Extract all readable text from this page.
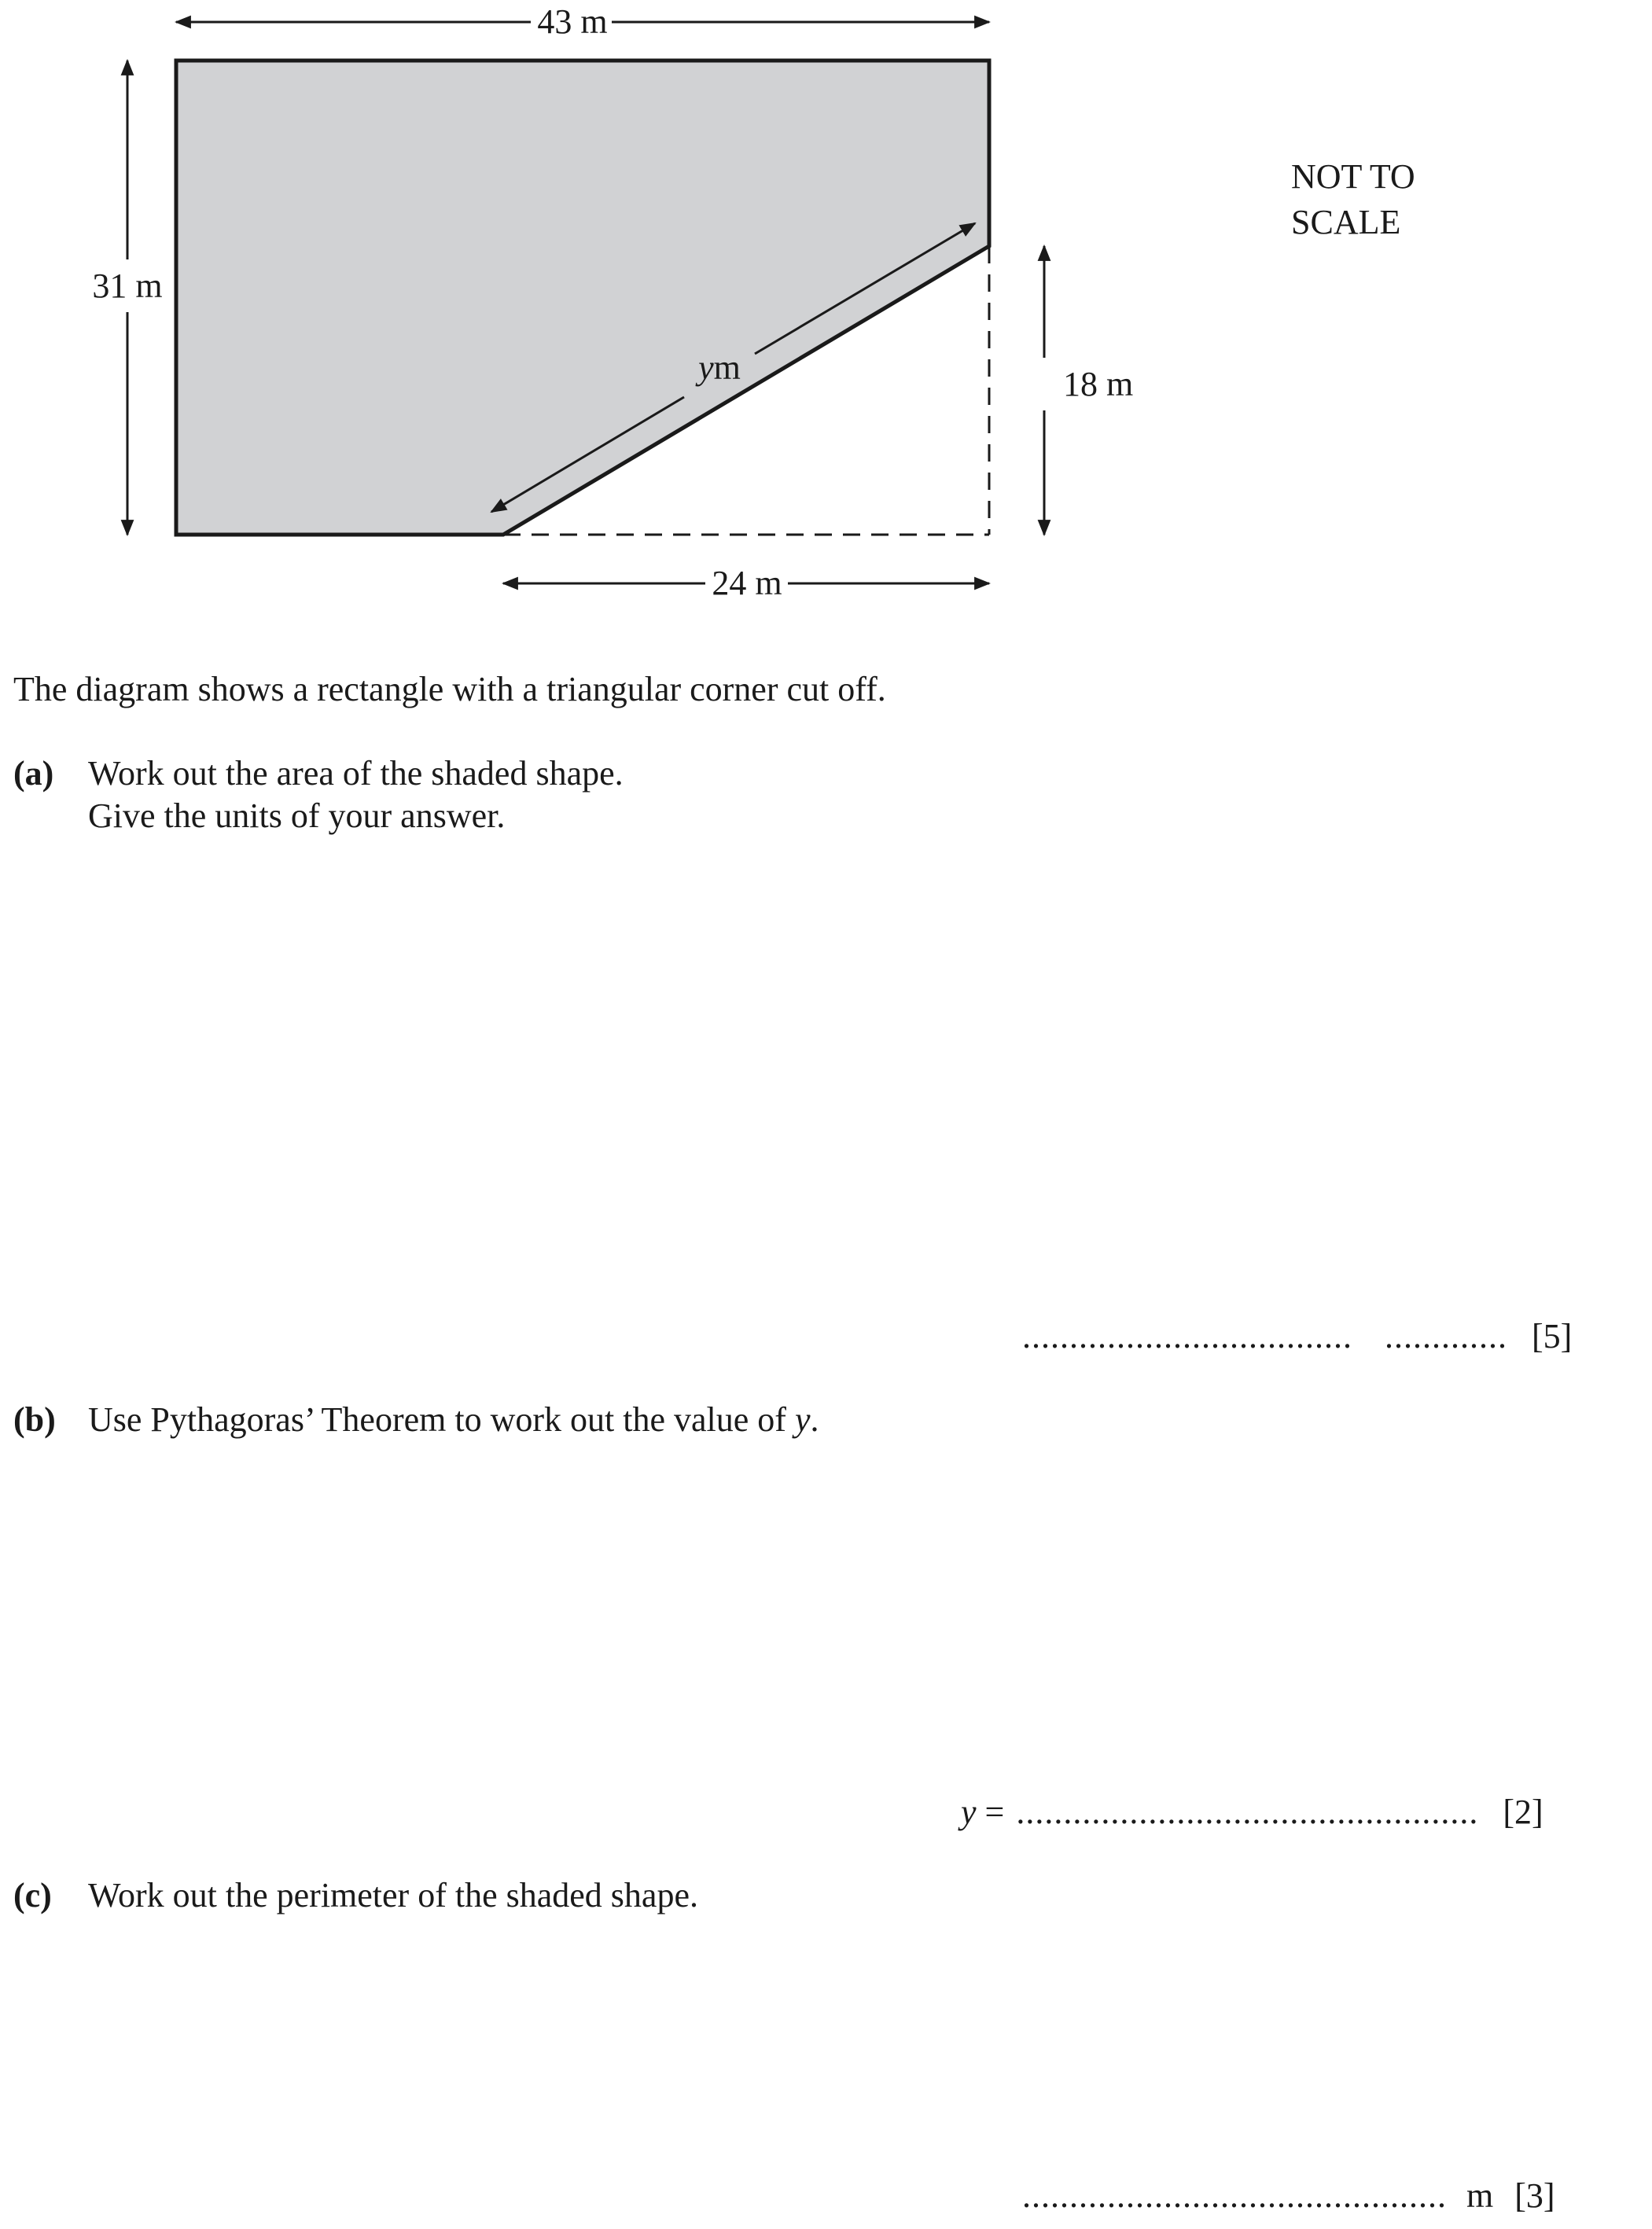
43 m
31 m
18 m
24 m
ym
NOT TO
SCALE
The diagram shows a rectangle with a triangular corner cut off.
(a) Work out the area of the shaded shape.
Give the units of your answer.
................................... ............. [5]
(b) Use Pythagoras’ Theorem to work out the value of y.
y = ................................................. [2]
(c) Work out the perimeter of the shaded shape.
............................................. m [3]
